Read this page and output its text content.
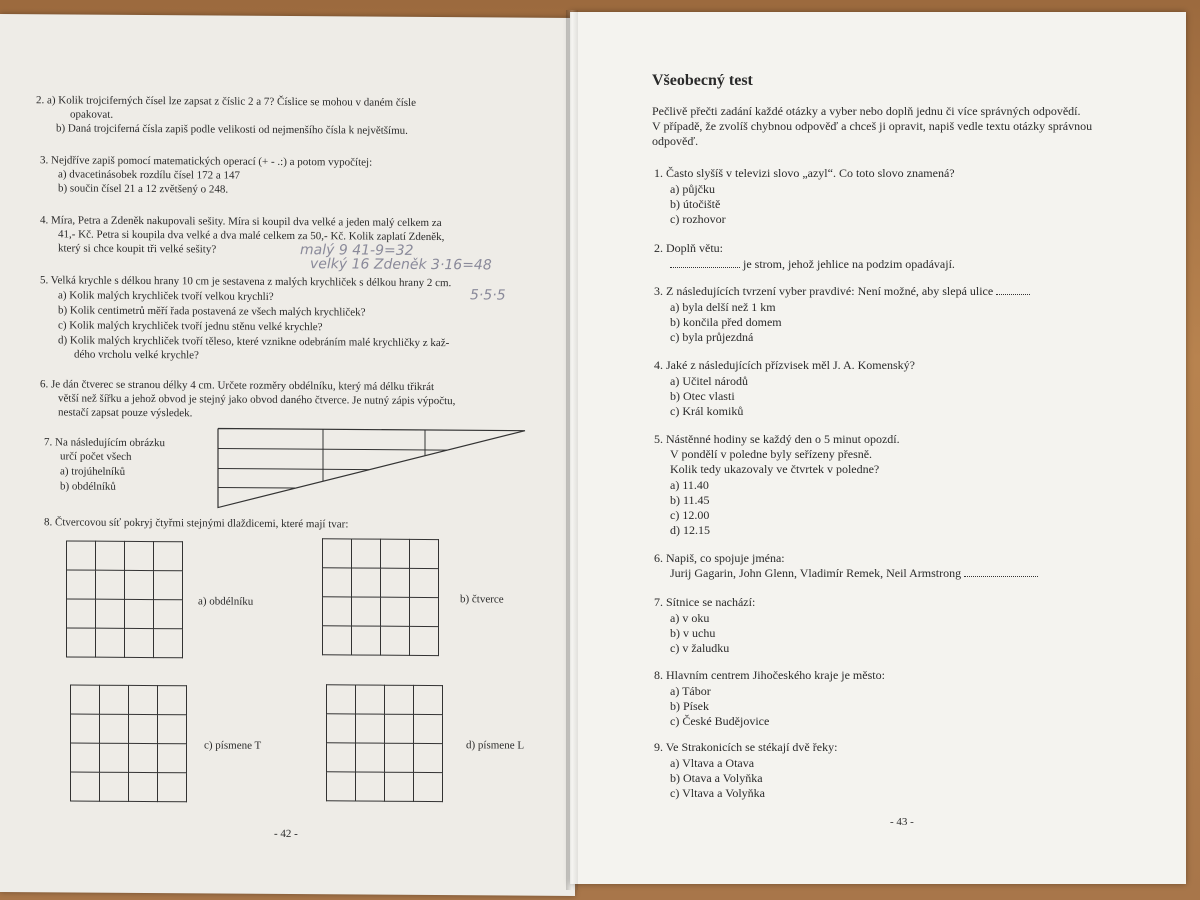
2. a) Kolik trojciferných čísel lze zapsat z číslic 2 a 7? Číslice se mohou v daném čísle
opakovat.
b) Daná trojciferná čísla zapiš podle velikosti od nejmenšího čísla k největšímu.
3. Nejdříve zapiš pomocí matematických operací (+ - .:) a potom vypočítej:
a) dvacetinásobek rozdílu čísel 172 a 147
b) součin čísel 21 a 12 zvětšený o 248.
4. Míra, Petra a Zdeněk nakupovali sešity. Míra si koupil dva velké a jeden malý celkem za
41,- Kč. Petra si koupila dva velké a dva malé celkem za 50,- Kč. Kolik zaplatí Zdeněk,
který si chce koupit tři velké sešity?	malý 9 41-9=32
velký 16 Zdeněk 3·16=48
5. Velká krychle s délkou hrany 10 cm je sestavena z malých krychliček s délkou hrany 2 cm.
5·5·5
a) Kolik malých krychliček tvoří velkou krychli?
b) Kolik centimetrů měří řada postavená ze všech malých krychliček?
c) Kolik malých krychliček tvoří jednu stěnu velké krychle?
d) Kolik malých krychliček tvoří těleso, které vznikne odebráním malé krychličky z kaž-
dého vrcholu velké krychle?
6. Je dán čtverec se stranou délky 4 cm. Určete rozměry obdélníku, který má délku třikrát
větší než šířku a jehož obvod je stejný jako obvod daného čtverce. Je nutný zápis výpočtu,
nestačí zapsat pouze výsledek.
7. Na následujícím obrázku
určí počet všech
a) trojúhelníků
b) obdélníků
8. Čtvercovou síť pokryj čtyřmi stejnými dlaždicemi, které mají tvar:

a) obdélníku

				b) čtverce

c) písmene T

				d) písmene L
- 42 -
Všeobecný test
Pečlivě přečti zadání každé otázky a vyber nebo doplň jednu či více správných odpovědí.
V případě, že zvolíš chybnou odpověď a chceš ji opravit, napiš vedle textu otázky správnou
odpověď.
1. Často slyšíš v televizi slovo „azyl“. Co toto slovo znamená?
a) půjčku
b) útočiště
c) rozhovor
2. Doplň větu:
je strom, jehož jehlice na podzim opadávají.
3. Z následujících tvrzení vyber pravdivé: Není možné, aby slepá ulice
a) byla delší než 1 km
b) končila před domem
c) byla průjezdná
4. Jaké z následujících přízvisek měl J. A. Komenský?
a) Učitel národů
b) Otec vlasti
c) Král komiků
5. Nástěnné hodiny se každý den o 5 minut opozdí.
V pondělí v poledne byly seřízeny přesně.
Kolik tedy ukazovaly ve čtvrtek v poledne?
a) 11.40
b) 11.45
c) 12.00
d) 12.15
6. Napiš, co spojuje jména:
Jurij Gagarin, John Glenn, Vladimír Remek, Neil Armstrong
7. Sítnice se nachází:
a) v oku
b) v uchu
c) v žaludku
8. Hlavním centrem Jihočeského kraje je město:
a) Tábor
b) Písek
c) České Budějovice
9. Ve Strakonicích se stékají dvě řeky:
a) Vltava a Otava
b) Otava a Volyňka
c) Vltava a Volyňka
- 43 -
